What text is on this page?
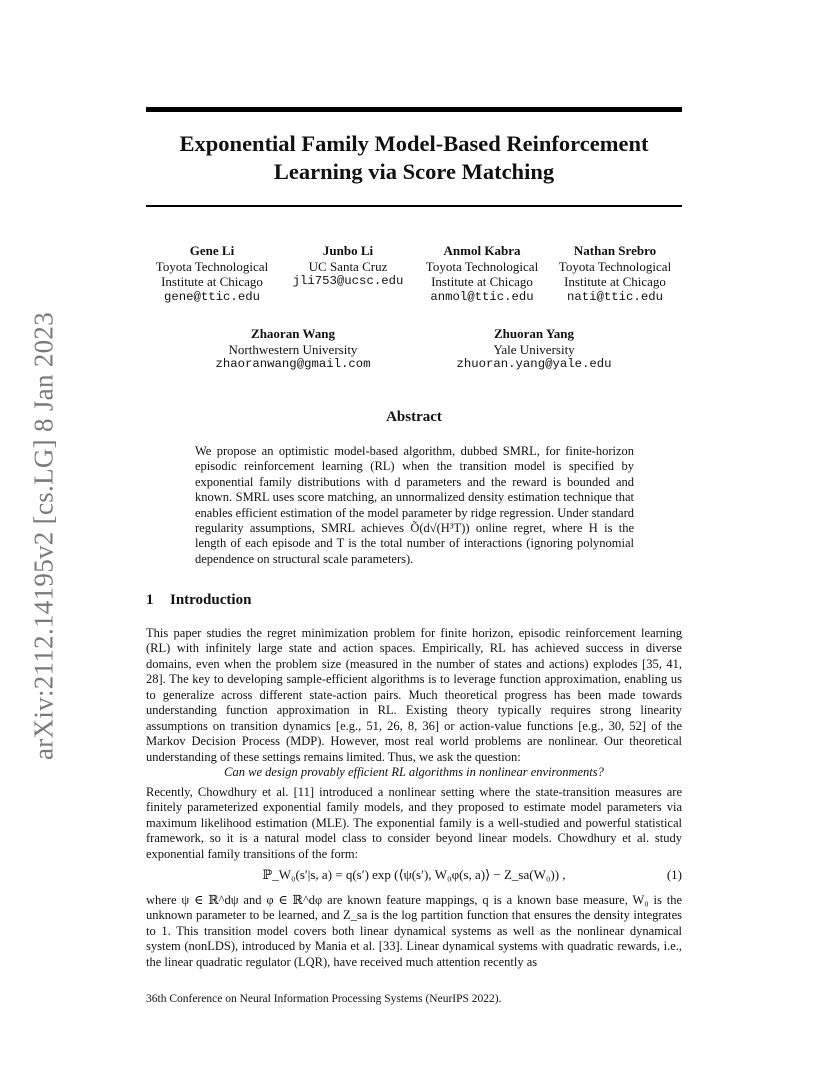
arXiv:2112.14195v2 [cs.LG] 8 Jan 2023
Exponential Family Model-Based Reinforcement
Learning via Score Matching
Gene Li
Toyota Technological
Institute at Chicago
gene@ttic.edu
Junbo Li
UC Santa Cruz
jli753@ucsc.edu
Anmol Kabra
Toyota Technological
Institute at Chicago
anmol@ttic.edu
Nathan Srebro
Toyota Technological
Institute at Chicago
nati@ttic.edu
Zhaoran Wang
Northwestern University
zhaoranwang@gmail.com
Zhuoran Yang
Yale University
zhuoran.yang@yale.edu
Abstract
We propose an optimistic model-based algorithm, dubbed SMRL, for finite-horizon episodic reinforcement learning (RL) when the transition model is specified by exponential family distributions with d parameters and the reward is bounded and known. SMRL uses score matching, an unnormalized density estimation technique that enables efficient estimation of the model parameter by ridge regression. Under standard regularity assumptions, SMRL achieves Õ(d√(H³T)) online regret, where H is the length of each episode and T is the total number of interactions (ignoring polynomial dependence on structural scale parameters).
1 Introduction
This paper studies the regret minimization problem for finite horizon, episodic reinforcement learning (RL) with infinitely large state and action spaces. Empirically, RL has achieved success in diverse domains, even when the problem size (measured in the number of states and actions) explodes [35, 41, 28]. The key to developing sample-efficient algorithms is to leverage function approximation, enabling us to generalize across different state-action pairs. Much theoretical progress has been made towards understanding function approximation in RL. Existing theory typically requires strong linearity assumptions on transition dynamics [e.g., 51, 26, 8, 36] or action-value functions [e.g., 30, 52] of the Markov Decision Process (MDP). However, most real world problems are nonlinear. Our theoretical understanding of these settings remains limited. Thus, we ask the question:
Can we design provably efficient RL algorithms in nonlinear environments?
Recently, Chowdhury et al. [11] introduced a nonlinear setting where the state-transition measures are finitely parameterized exponential family models, and they proposed to estimate model parameters via maximum likelihood estimation (MLE). The exponential family is a well-studied and powerful statistical framework, so it is a natural model class to consider beyond linear models. Chowdhury et al. study exponential family transitions of the form:
ℙ_W₀(s′|s, a) = q(s′) exp (⟨ψ(s′), W₀φ(s, a)⟩ − Z_sa(W₀)) ,	(1)
where ψ ∈ ℝ^dψ and φ ∈ ℝ^dφ are known feature mappings, q is a known base measure, W₀ is the unknown parameter to be learned, and Z_sa is the log partition function that ensures the density integrates to 1. This transition model covers both linear dynamical systems as well as the nonlinear dynamical system (nonLDS), introduced by Mania et al. [33]. Linear dynamical systems with quadratic rewards, i.e., the linear quadratic regulator (LQR), have received much attention recently as
36th Conference on Neural Information Processing Systems (NeurIPS 2022).
